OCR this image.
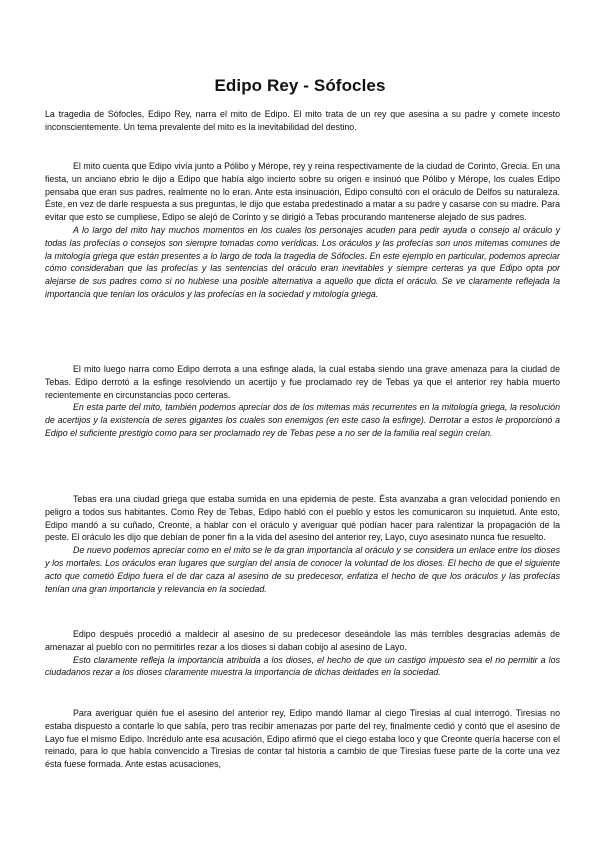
Edipo Rey - Sófocles

La tragedia de Sófocles, Edipo Rey, narra el mito de Edipo. El mito trata de un rey que asesina a su padre y comete incesto inconscientemente. Un tema prevalente del mito es la inevitabilidad del destino.

El mito cuenta que Edipo vivía junto a Pólibo y Mérope, rey y reina respectivamente de la ciudad de Corinto, Grecia. En una fiesta, un anciano ebrio le dijo a Edipo que había algo incierto sobre su origen e insinuó que Pólibo y Mérope, los cuales Edipo pensaba que eran sus padres, realmente no lo eran. Ante esta insinuación, Edipo consultó con el oráculo de Delfos su naturaleza. Éste, en vez de darle respuesta a sus preguntas, le dijo que estaba predestinado a matar a su padre y casarse con su madre. Para evitar que esto se cumpliese, Edipo se alejó de Corinto y se dirigió a Tebas procurando mantenerse alejado de sus padres.

A lo largo del mito hay muchos momentos en los cuales los personajes acuden para pedir ayuda o consejo al oráculo y todas las profecías o consejos son siempre tomadas como verídicas. Los oráculos y las profecías son unos mitemas comunes de la mitología griega que están presentes a lo largo de toda la tragedia de Sófocles. En este ejemplo en particular, podemos apreciar cómo consideraban que las profecías y las sentencias del oráculo eran inevitables y siempre certeras ya que Edipo opta por alejarse de sus padres como si no hubiese una posible alternativa a aquello que dicta el oráculo. Se ve claramente reflejada la importancia que tenían los oráculos y las profecías en la sociedad y mitología griega.

El mito luego narra como Edipo derrota a una esfinge alada, la cual estaba siendo una grave amenaza para la ciudad de Tebas. Edipo derrotó a la esfinge resolviendo un acertijo y fue proclamado rey de Tebas ya que el anterior rey había muerto recientemente en circunstancias poco certeras.

En esta parte del mito, también podemos apreciar dos de los mitemas más recurrentes en la mitología griega, la resolución de acertijos y la existencia de seres gigantes los cuales son enemigos (en este caso la esfinge). Derrotar a estos le proporcionó a Edipo el suficiente prestigio como para ser proclamado rey de Tebas pese a no ser de la familia real según creían.

Tebas era una ciudad griega que estaba sumida en una epidemia de peste. Ésta avanzaba a gran velocidad poniendo en peligro a todos sus habitantes. Como Rey de Tebas, Edipo habló con el pueblo y estos les comunicaron su inquietud. Ante esto, Edipo mandó a su cuñado, Creonte, a hablar con el oráculo y averiguar qué podían hacer para ralentizar la propagación de la peste. El oráculo les dijo que debían de poner fin a la vida del asesino del anterior rey, Layo, cuyo asesinato nunca fue resuelto.

De nuevo podemos apreciar como en el mito se le da gran importancia al oráculo y se considera un enlace entre los dioses y los mortales. Los oráculos eran lugares que surgían del ansia de conocer la voluntad de los dioses. El hecho de que el siguiente acto que cometió Edipo fuera el de dar caza al asesino de su predecesor, enfatiza el hecho de que los oráculos y las profecías tenían una gran importancia y relevancia en la sociedad.

Edipo después procedió a maldecir al asesino de su predecesor deseándole las más terribles desgracias además de amenazar al pueblo con no permitirles rezar a los dioses si daban cobijo al asesino de Layo.

Esto claramente refleja la importancia atribuida a los dioses, el hecho de que un castigo impuesto sea el no permitir a los ciudadanos rezar a los dioses claramente muestra la importancia de dichas deidades en la sociedad.

Para averiguar quién fue el asesino del anterior rey, Edipo mandó llamar al ciego Tiresias al cual interrogó. Tiresias no estaba dispuesto a contarle lo que sabía, pero tras recibir amenazas por parte del rey, finalmente cedió y contó que el asesino de Layo fue el mismo Edipo. Incrédulo ante esa acusación, Edipo afirmó que el ciego estaba loco y que Creonte quería hacerse con el reinado, para lo que había convencido a Tiresias de contar tal historia a cambio de que Tiresias fuese parte de la corte una vez ésta fuese formada. Ante estas acusaciones,
